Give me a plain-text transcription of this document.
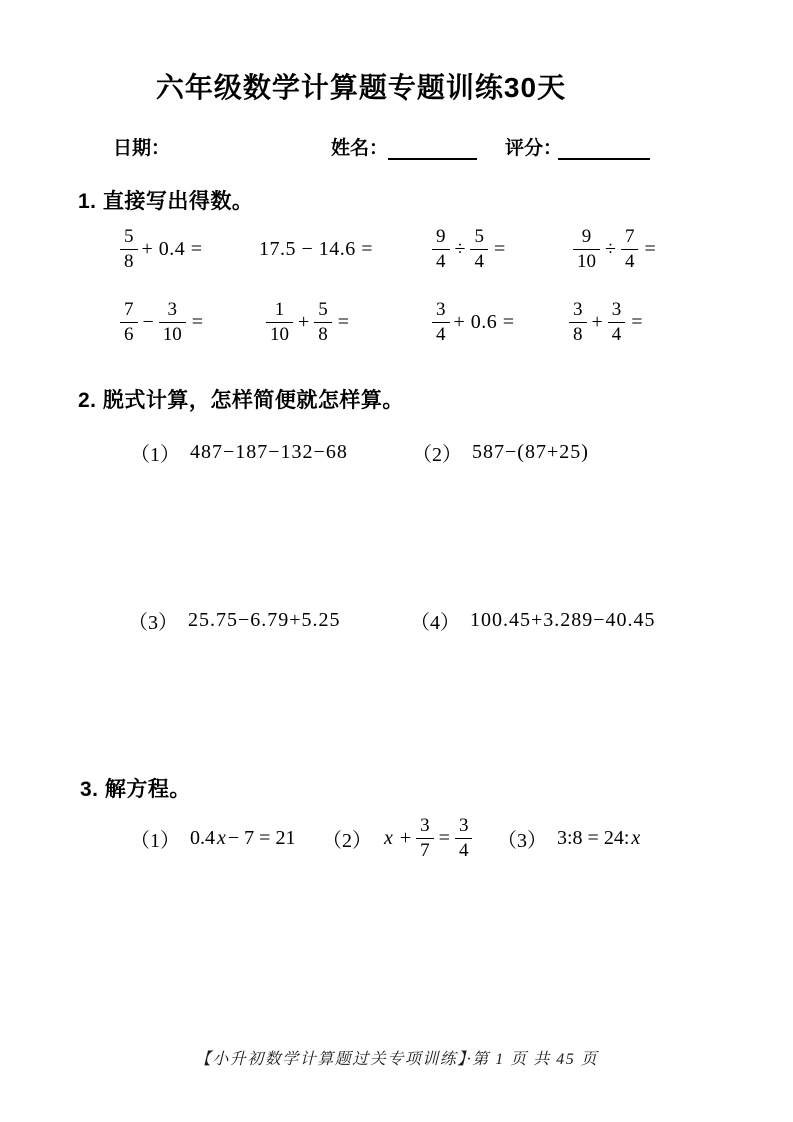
六年级数学计算题专题训练30天
日期：	姓名：	评分：
1. 直接写出得数。
$\frac{5}{8} + 0.4$ =	17.5 − 14.6 =	$\frac{9}{4} \div \frac{5}{4}$ =	$\frac{9}{10} \div \frac{7}{4}$ =
$\frac{7}{6} - \frac{3}{10}$ =	$\frac{1}{10} + \frac{5}{8}$ =	$\frac{3}{4} + 0.6$ =	$\frac{3}{8} + \frac{3}{4}$ =
2. 脱式计算，怎样简便就怎样算。
（1） 487−187−132−68	（2） 587−(87+25)
（3） 25.75−6.79+5.25	（4） 100.45+3.289−40.45
3. 解方程。
（1） 0.4 x − 7 = 21 （2） $x + \frac{3}{7} = \frac{3}{4} (3)$ 3:8 = 24: x
【小升初数学计算题过关专项训练】·第 1 页 共 45 页
